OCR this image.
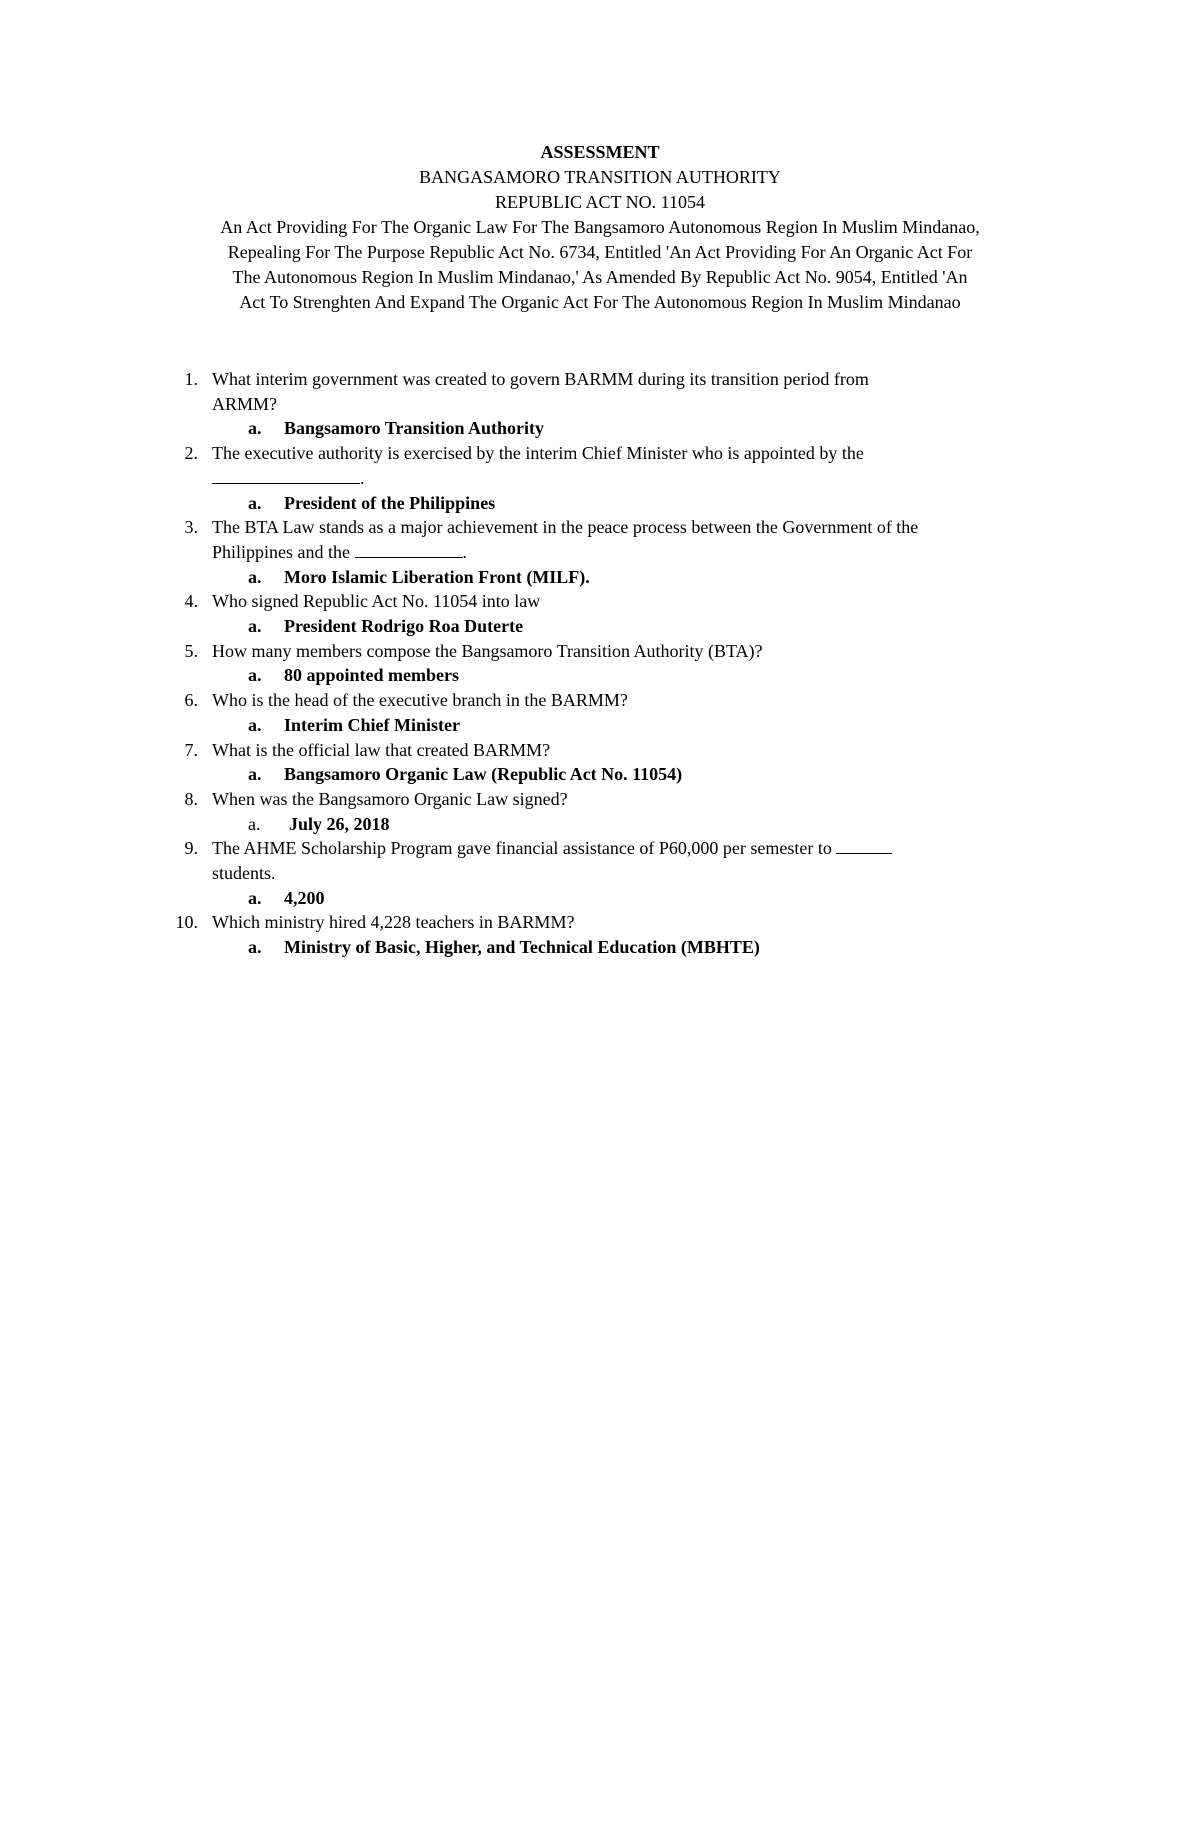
ASSESSMENT
BANGASAMORO TRANSITION AUTHORITY
REPUBLIC ACT NO. 11054
An Act Providing For The Organic Law For The Bangsamoro Autonomous Region In Muslim Mindanao,
Repealing For The Purpose Republic Act No. 6734, Entitled 'An Act Providing For An Organic Act For
The Autonomous Region In Muslim Mindanao,' As Amended By Republic Act No. 9054, Entitled 'An
Act To Strenghten And Expand The Organic Act For The Autonomous Region In Muslim Mindanao
1. What interim government was created to govern BARMM during its transition period from
ARMM?
a. Bangsamoro Transition Authority
2. The executive authority is exercised by the interim Chief Minister who is appointed by the
.
a. President of the Philippines
3. The BTA Law stands as a major achievement in the peace process between the Government of the
Philippines and the	.
a. Moro Islamic Liberation Front (MILF).
4. Who signed Republic Act No. 11054 into law
a. President Rodrigo Roa Duterte
5. How many members compose the Bangsamoro Transition Authority (BTA)?
a. 80 appointed members
6. Who is the head of the executive branch in the BARMM?
a. Interim Chief Minister
7. What is the official law that created BARMM?
a. Bangsamoro Organic Law (Republic Act No. 11054)
8. When was the Bangsamoro Organic Law signed?
a. July 26, 2018
9. The AHME Scholarship Program gave financial assistance of P60,000 per semester to
students.
a. 4,200
10. Which ministry hired 4,228 teachers in BARMM?
a. Ministry of Basic, Higher, and Technical Education (MBHTE)
